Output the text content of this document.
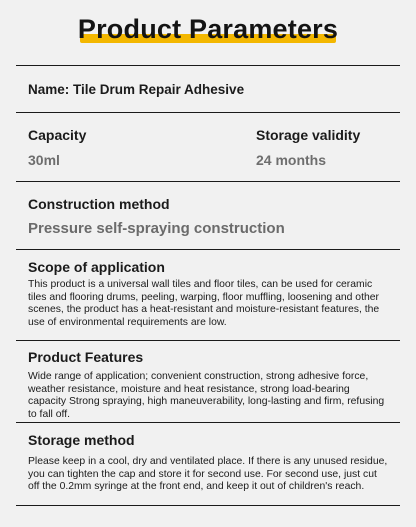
Product Parameters
Name: Tile Drum Repair Adhesive
Capacity
30ml
Storage validity
24 months
Construction method
Pressure self-spraying construction
Scope of application
This product is a universal wall tiles and floor tiles, can be used for ceramic tiles and flooring drums, peeling, warping, floor muffling, loosening and other scenes, the product has a heat-resistant and moisture-resistant features, the use of environmental requirements are low.
Product Features
Wide range of application; convenient construction, strong adhesive force, weather resistance, moisture and heat resistance, strong load-bearing capacity Strong spraying, high maneuverability, long-lasting and firm, refusing to fall off.
Storage method
Please keep in a cool, dry and ventilated place. If there is any unused residue, you can tighten the cap and store it for second use. For second use, just cut off the 0.2mm syringe at the front end, and keep it out of children's reach.
